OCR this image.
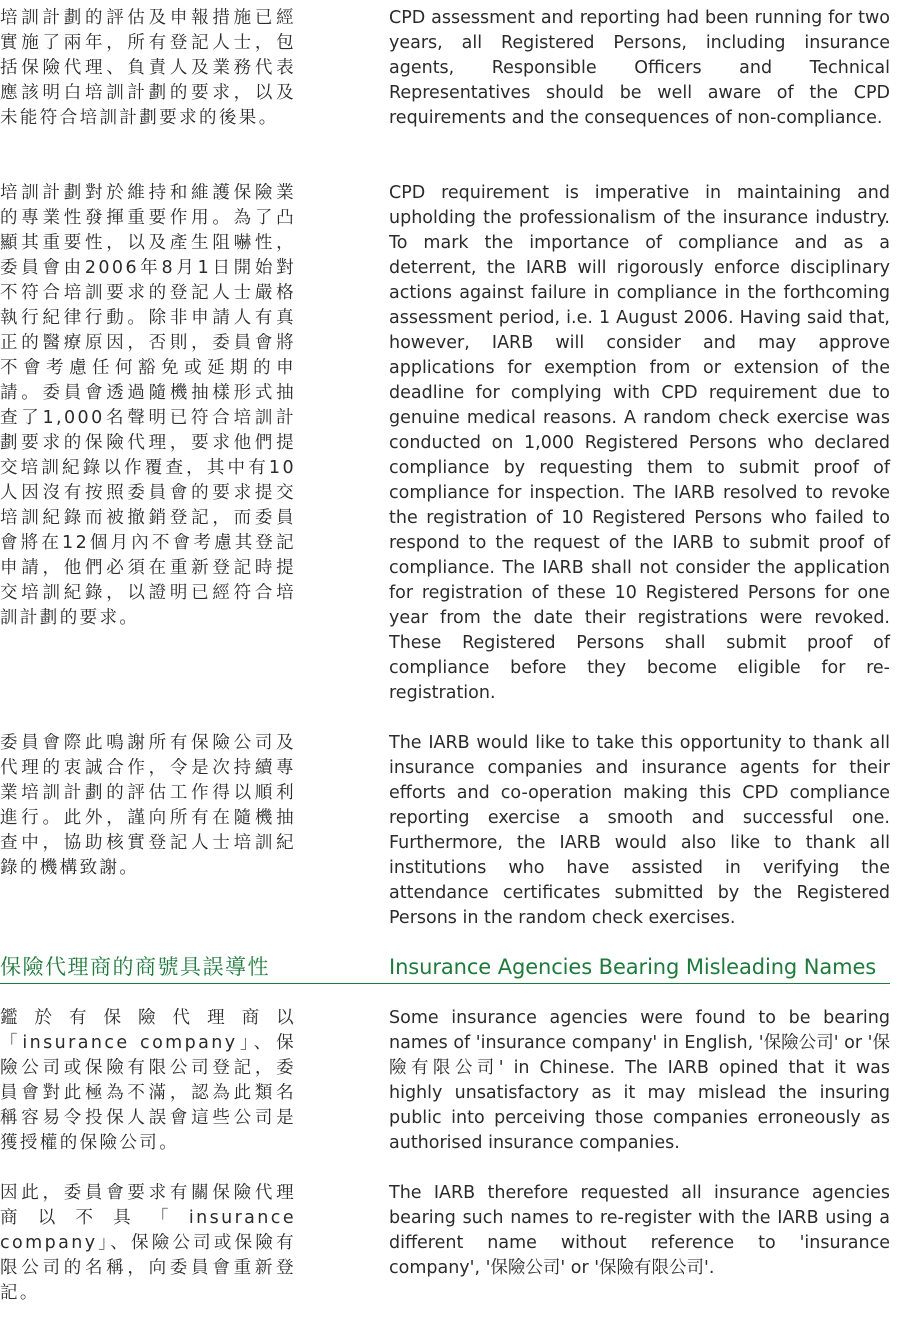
培訓計劃的評估及申報措施已經實施了兩年，所有登記人士，包括保險代理、負責人及業務代表應該明白培訓計劃的要求，以及未能符合培訓計劃要求的後果。

CPD assessment and reporting had been running for two years, all Registered Persons, including insurance agents, Responsible Officers and Technical Representatives should be well aware of the CPD requirements and the consequences of non-compliance.

培訓計劃對於維持和維護保險業的專業性發揮重要作用。為了凸顯其重要性，以及產生阻嚇性，委員會由2006年8月1日開始對不符合培訓要求的登記人士嚴格執行紀律行動。除非申請人有真正的醫療原因，否則，委員會將不會考慮任何豁免或延期的申請。委員會透過隨機抽樣形式抽查了1,000名聲明已符合培訓計劃要求的保險代理，要求他們提交培訓紀錄以作覆查，其中有10人因沒有按照委員會的要求提交培訓紀錄而被撤銷登記，而委員會將在12個月內不會考慮其登記申請，他們必須在重新登記時提交培訓紀錄，以證明已經符合培訓計劃的要求。

CPD requirement is imperative in maintaining and upholding the professionalism of the insurance industry. To mark the importance of compliance and as a deterrent, the IARB will rigorously enforce disciplinary actions against failure in compliance in the forthcoming assessment period, i.e. 1 August 2006. Having said that, however, IARB will consider and may approve applications for exemption from or extension of the deadline for complying with CPD requirement due to genuine medical reasons. A random check exercise was conducted on 1,000 Registered Persons who declared compliance by requesting them to submit proof of compliance for inspection. The IARB resolved to revoke the registration of 10 Registered Persons who failed to respond to the request of the IARB to submit proof of compliance. The IARB shall not consider the application for registration of these 10 Registered Persons for one year from the date their registrations were revoked. These Registered Persons shall submit proof of compliance before they become eligible for re-registration.

委員會際此鳴謝所有保險公司及代理的衷誠合作，令是次持續專業培訓計劃的評估工作得以順利進行。此外，謹向所有在隨機抽查中，協助核實登記人士培訓紀錄的機構致謝。

The IARB would like to take this opportunity to thank all insurance companies and insurance agents for their efforts and co-operation making this CPD compliance reporting exercise a smooth and successful one. Furthermore, the IARB would also like to thank all institutions who have assisted in verifying the attendance certificates submitted by the Registered Persons in the random check exercises.

保險代理商的商號具誤導性	Insurance Agencies Bearing Misleading Names

鑑於有保險代理商以「insurance company」、保險公司或保險有限公司登記，委員會對此極為不滿，認為此類名稱容易令投保人誤會這些公司是獲授權的保險公司。

Some insurance agencies were found to be bearing names of 'insurance company' in English, '保險公司' or '保險有限公司' in Chinese. The IARB opined that it was highly unsatisfactory as it may mislead the insuring public into perceiving those companies erroneously as authorised insurance companies.

因此，委員會要求有關保險代理商以不具「insurance company」、保險公司或保險有限公司的名稱，向委員會重新登記。

The IARB therefore requested all insurance agencies bearing such names to re-register with the IARB using a different name without reference to 'insurance company', '保險公司' or '保險有限公司'.
